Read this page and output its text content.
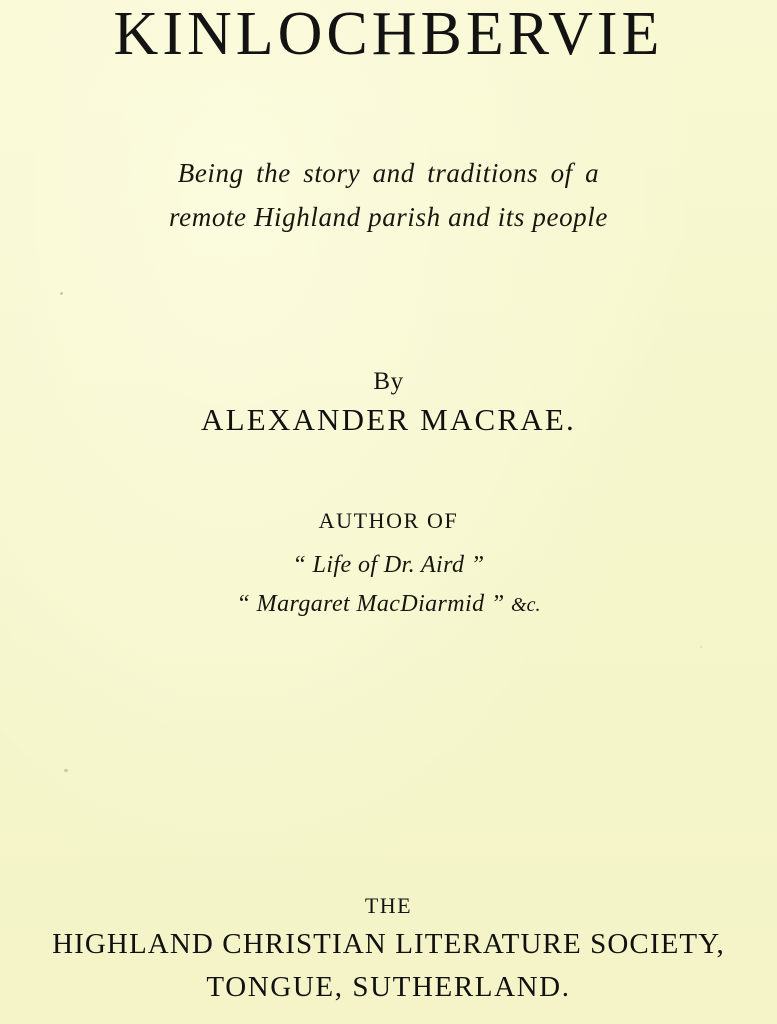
KINLOCHBERVIE

Being the story and traditions of a

remote Highland parish and its people

By

ALEXANDER MACRAE.

AUTHOR OF

“ Life of Dr. Aird ”

“ Margaret MacDiarmid ” &c.

THE

HIGHLAND CHRISTIAN LITERATURE SOCIETY,

TONGUE, SUTHERLAND.
